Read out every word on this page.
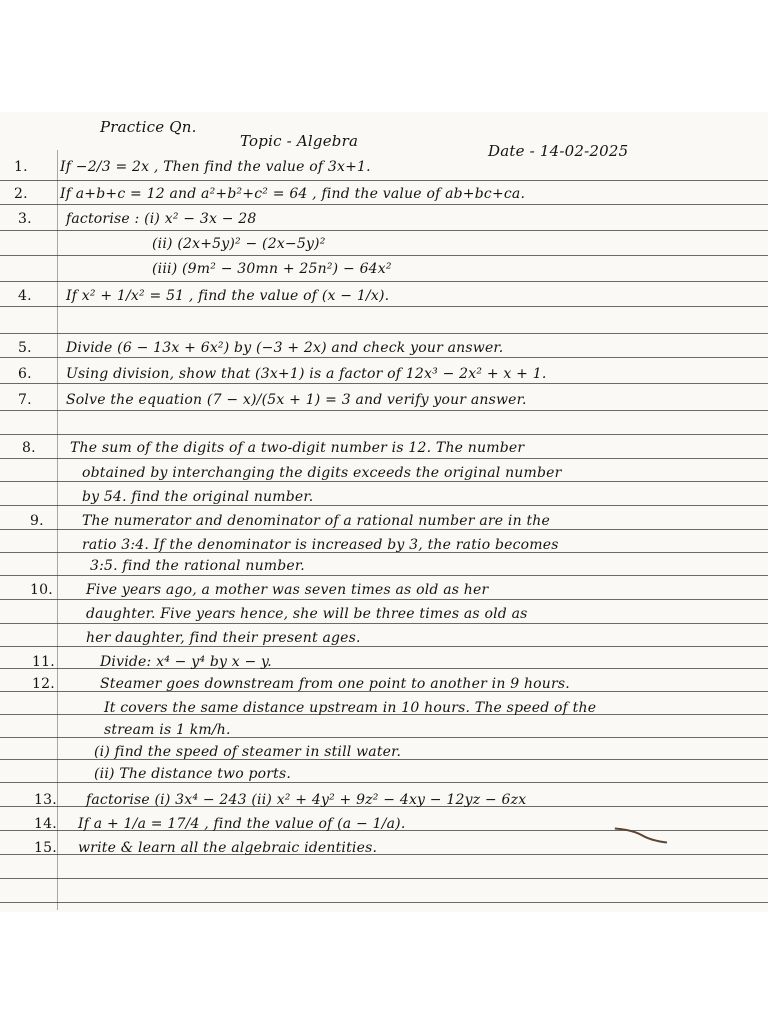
Practice Qn.
Topic - Algebra
Date - 14-02-2025
1. If −2/3 = 2x , Then find the value of 3x+1.
2. If a+b+c = 12 and a²+b²+c² = 64 , find the value of ab+bc+ca.
3. factorise : (i) x² − 3x − 28
(ii) (2x+5y)² − (2x−5y)²
(iii) (9m² − 30mn + 25n²) − 64x²
4. If x² + 1/x² = 51 , find the value of (x − 1/x).
5. Divide (6 − 13x + 6x²) by (−3 + 2x) and check your answer.
6. Using division, show that (3x+1) is a factor of 12x³ − 2x² + x + 1.
7. Solve the equation (7 − x)/(5x + 1) = 3 and verify your answer.
8. The sum of the digits of a two-digit number is 12. The number
obtained by interchanging the digits exceeds the original number
by 54. find the original number.
9.	The numerator and denominator of a rational number are in the
ratio 3:4. If the denominator is increased by 3, the ratio becomes
3:5. find the rational number.
10. Five years ago, a mother was seven times as old as her
daughter. Five years hence, she will be three times as old as
her daughter, find their present ages.
11.	Divide: x⁴ − y⁴ by x − y.
12.	Steamer goes downstream from one point to another in 9 hours.
It covers the same distance upstream in 10 hours. The speed of the
stream is 1 km/h.
(i) find the speed of steamer in still water.
(ii) The distance two ports.
13. factorise (i) 3x⁴ − 243 (ii) x² + 4y² + 9z² − 4xy − 12yz − 6zx
14. If a + 1/a = 17/4 , find the value of (a − 1/a).
15. write & learn all the algebraic identities.
